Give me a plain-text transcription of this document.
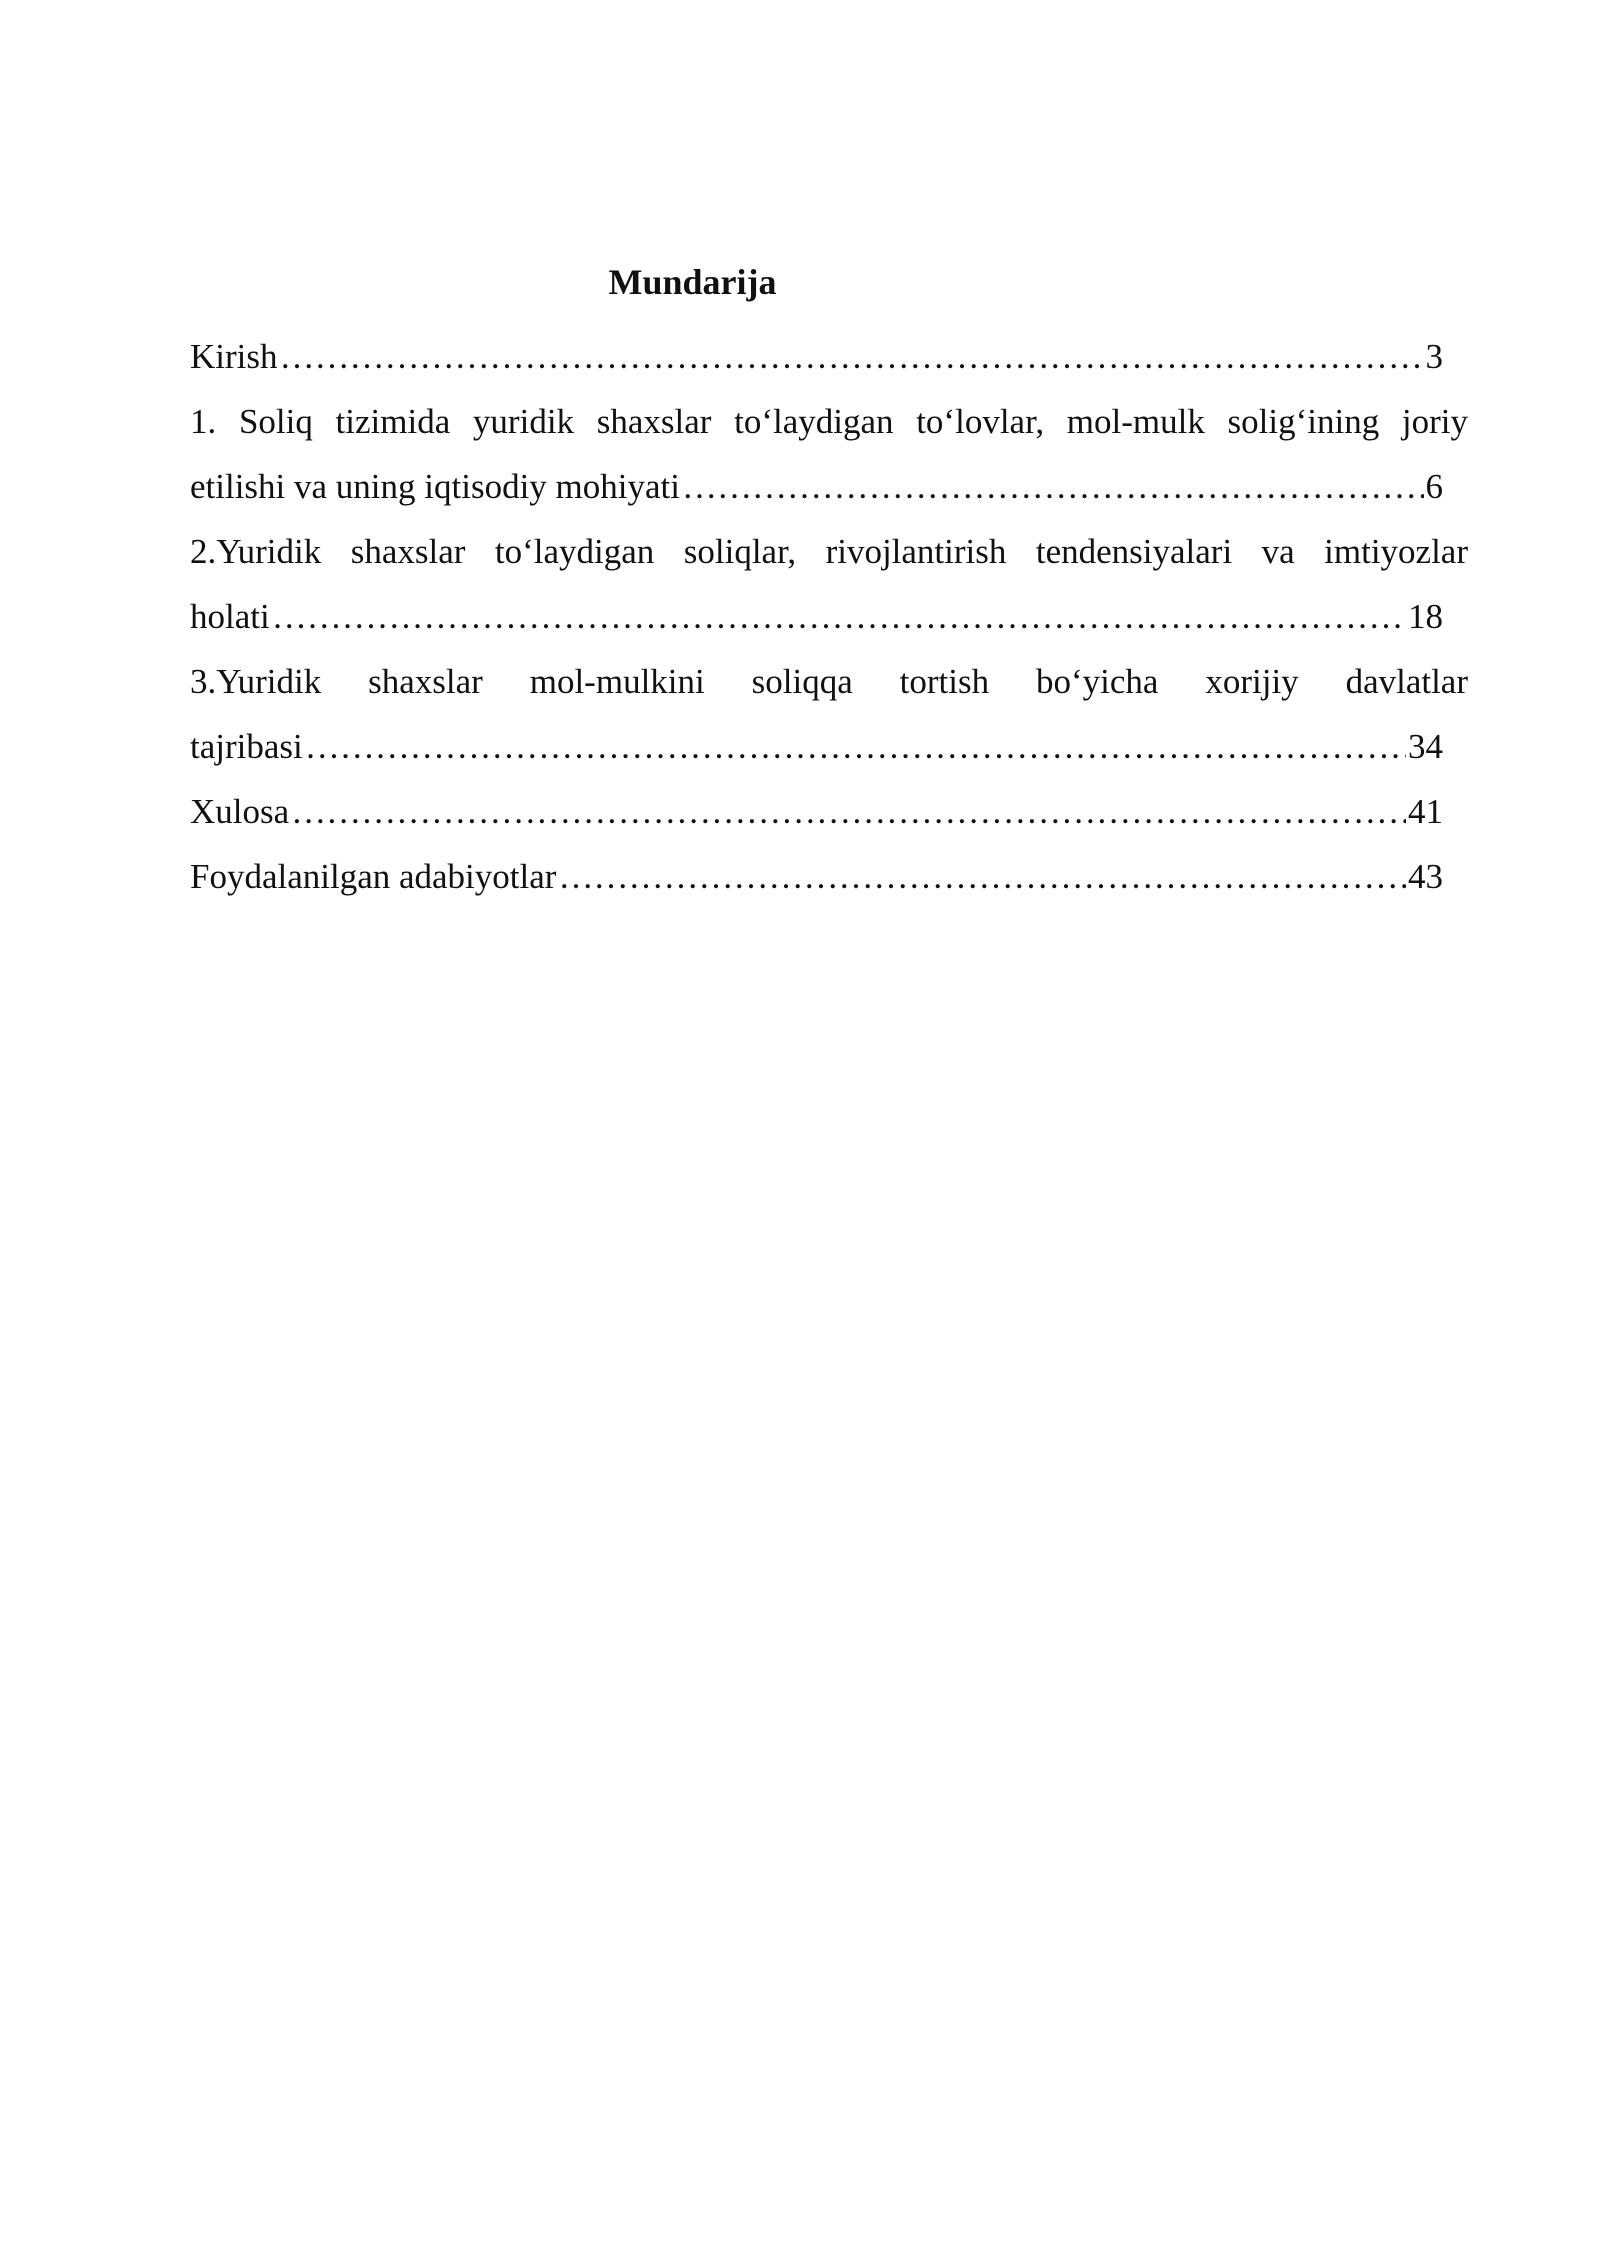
Mundarija
Kirish ……………………………………………………………………………………………………………………………………………………………………………………………	3
1. Soliq tizimida yuridik shaxslar to‘laydigan to‘lovlar, mol-mulk solig‘ining joriy
etilishi va uning iqtisodiy mohiyati ……………………………………………………………………………………………………………………………………………………………………………………………	6
2.Yuridik shaxslar to‘laydigan soliqlar, rivojlantirish tendensiyalari va imtiyozlar
holati ……………………………………………………………………………………………………………………………………………………………………………………………	18
3.Yuridik shaxslar mol-mulkini soliqqa tortish bo‘yicha xorijiy davlatlar
tajribasi ……………………………………………………………………………………………………………………………………………………………………………………………	34
Xulosa ……………………………………………………………………………………………………………………………………………………………………………………………	41
Foydalanilgan adabiyotlar ……………………………………………………………………………………………………………………………………………………………………………………………	43
